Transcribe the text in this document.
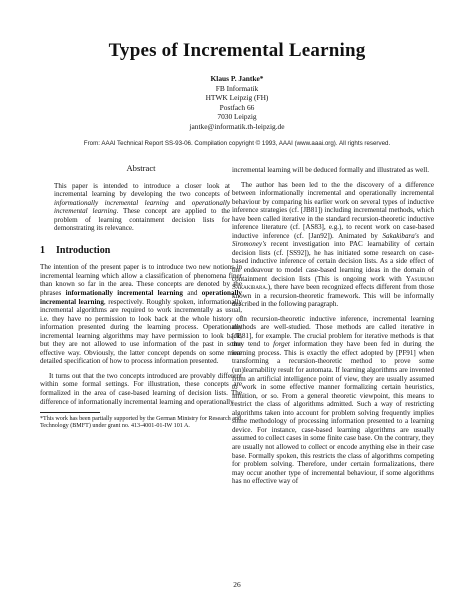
Types of Incremental Learning
Klaus P. Jantke*
FB Informatik
HTWK Leipzig (FH)
Postfach 66
7030 Leipzig
jantke@informatik.th-leipzig.de
From: AAAI Technical Report SS-93-06. Compilation copyright © 1993, AAAI (www.aaai.org). All rights reserved.
Abstract
This paper is intended to introduce a closer look at incremental learning by developing the two concepts of informationally incremental learning and operationally incremental learning. These concept are applied to the problem of learning containment decision lists for demonstrating its relevance.
1 Introduction

The intention of the present paper is to introduce two new notions in incremental learning which allow a classification of phenomena finer than known so far in the area. These concepts are denoted by the phrases informationally incremental learning and operationally incremental learning, respectively. Roughly spoken, informationally incremental algorithms are required to work incrementally as usual, i.e. they have no permission to look back at the whole history of information presented during the learning process. Operationally incremental learning algorithms may have permission to look back, but they are not allowed to use information of the past in some effective way. Obviously, the latter concept depends on some more detailed specification of how to process information presented.

It turns out that the two concepts introduced are provably different within some formal settings. For illustration, these concepts are formalized in the area of case-based learning of decision lists. The difference of informationally incremental learning and operationally

*This work has been partially supported by the German Ministry for Research and Technology (BMFT) under grant no. 413-4001-01-IW 101 A.

incremental learning will be deduced formally and illustrated as well.

The author has been led to the the discovery of a difference between informationally incremental and operationally incremental behaviour by comparing his earlier work on several types of inductive inference strategies (cf. [JB81]) including incremental methods, which have been called iterative in the standard recursion-theoretic inductive inference literature (cf. [AS83], e.g.), to recent work on case-based inductive inference (cf. [Jan92]). Animated by Sakakibara's and Siromoney's recent investigation into PAC learnability of certain decision lists (cf. [SS92]), he has initiated some research on case-based inductive inference of certain decision lists. As a side effect of the endeavour to model case-based learning ideas in the domain of containment decision lists (This is ongoing work with Yasubumi Sakakibara.), there have been recognized effects different from those known in a recursion-theoretic framework. This will be informally described in the following paragraph.

In recursion-theoretic inductive inference, incremental learning methods are well-studied. Those methods are called iterative in [JB81], for example. The crucial problem for iterative methods is that they tend to forget information they have been fed in during the learning process. This is exactly the effect adopted by [PF91] when transforming a recursion-theoretic method to prove some (un)learnability result for automata. If learning algorithms are invented from an artificial intelligence point of view, they are usually assumed to work in some effective manner formalizing certain heuristics, intuition, or so. From a general theoretic viewpoint, this means to restrict the class of algorithms admitted. Such a way of restricting algorithms taken into account for problem solving frequently implies some methodology of processing information presented to a learning device. For instance, case-based learning algorithms are usually assumed to collect cases in some finite case base. On the contrary, they are usually not allowed to collect or encode anything else in their case base. Formally spoken, this restricts the class of algorithms competing for problem solving. Therefore, under certain formalizations, there may occur another type of incremental behaviour, if some algorithms has no effective way of

26
